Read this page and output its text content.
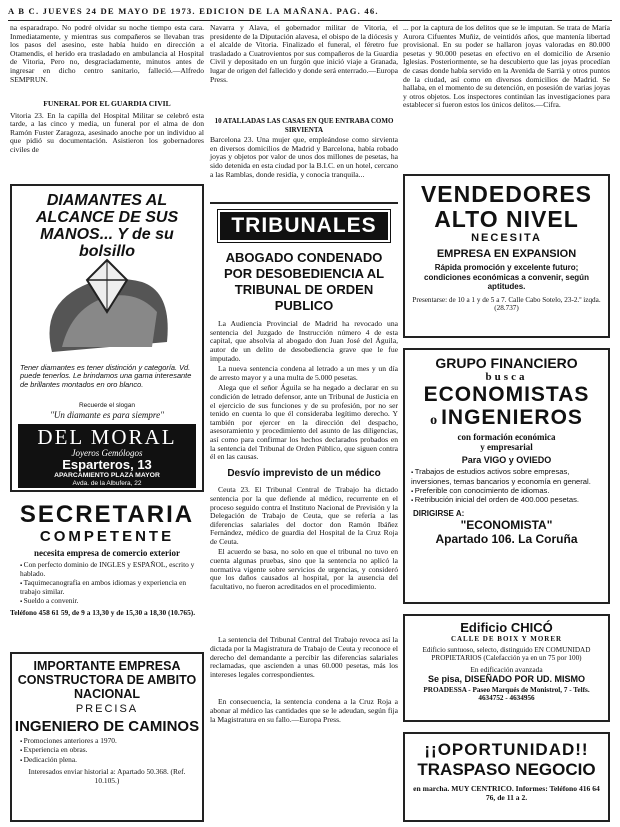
A B C. JUEVES 24 DE MAYO DE 1973. EDICION DE LA MAÑANA. PAG. 46.

na esparadrapo. No podré olvidar su noche tiempo esta cara. Inmediatamente, y mientras sus compañeros se llevaban tras los pasos del asesino, este había huido en dirección a Otamendis, el herido era trasladado en ambulancia al Hospital de Vitoria, Pero no, desgraciadamente, minutos antes de ingresar en dicho centro sanitario, falleció.—Alfredo SEMPRUN.

FUNERAL POR EL GUARDIA CIVIL

Vitoria 23. En la capilla del Hospital Militar se celebró esta tarde, a las cinco y media, un funeral por el alma de don Ramón Fuster Zaragoza, asesinado anoche por un individuo al que pidió su documentación. Asistieron los gobernadores civiles de

DIAMANTES AL ALCANCE DE SUS MANOS... Y de su bolsillo

Tener diamantes es tener distinción y categoría. Vd. puede tenerlos. Le brindamos una gama interesante de brillantes montados en oro blanco.

Recuerde el slogan
"Un diamante es para siempre"
DEL MORAL
Joyeros Gemólogos
Esparteros, 13
APARCAMIENTO PLAZA MAYOR
Avda. de la Albufera, 22
SECRETARIA
COMPETENTE
necesita empresa de comercio exterior
▪ Con perfecto dominio de INGLES y ESPAÑOL, escrito y hablado.
▪ Taquimecanografía en ambos idiomas y experiencia en trabajo similar.
▪ Sueldo a convenir.
Teléfono 458 61 59, de 9 a 13,30 y de 15,30 a 18,30 (10.765).
IMPORTANTE EMPRESA CONSTRUCTORA DE AMBITO NACIONAL
PRECISA
INGENIERO DE CAMINOS
▪ Promociones anteriores a 1970.
▪ Experiencia en obras.
▪ Dedicación plena.
Interesados enviar historial a: Apartado 50.368. (Ref. 10.105.)

Navarra y Alava, el gobernador militar de Vitoria, el presidente de la Diputación alavesa, el obispo de la diócesis y el alcalde de Vitoria. Finalizado el funeral, el féretro fue trasladado a Cuatrovientos por sus compañeros de la Guardia Civil y depositado en un furgón que inició viaje a Granada, lugar de origen del fallecido y donde será enterrado.—Europa Press.

10 ATALLADAS LAS CASAS EN QUE ENTRABA COMO SIRVIENTA

Barcelona 23. Una mujer que, empleándose como sirvienta en diversos domicilios de Madrid y Barcelona, había robado joyas y objetos por valor de unos dos millones de pesetas, ha sido detenida en esta ciudad por la B.I.C. en un hotel, cercano a las Ramblas, donde residía, y conocía tranquila...

TRIBUNALES
ABOGADO CONDENADO POR DESOBEDIENCIA AL TRIBUNAL DE ORDEN PUBLICO

La Audiencia Provincial de Madrid ha revocado una sentencia del Juzgado de Instrucción número 4 de esta capital, que absolvía al abogado don Juan José del Águila, autor de un delito de desobediencia grave que le fue imputado.

La nueva sentencia condena al letrado a un mes y un día de arresto mayor y a una multa de 5.000 pesetas.

Alega que el señor Águila se ha negado a declarar en su condición de letrado defensor, ante un Tribunal de Justicia en el ejercicio de sus funciones y de su profesión, por no ser tenido en cuenta lo que él consideraba legítimo derecho. Y también por ejercer en la dirección del despacho, asesoramiento y procedimiento del asunto de las diligencias, así como para confirmar los hechos declarados probados en la sentencia del Tribunal de Orden Público, que siguen contra él en las causas.

Desvío imprevisto de un médico

Ceuta 23. El Tribunal Central de Trabajo ha dictado sentencia por la que defiende al médico, recurrente en el proceso seguido contra el Instituto Nacional de Previsión y la Delegación de Trabajo de Ceuta, que se refería a las diferencias salariales del doctor don Ramón Ibáñez Fernández, médico de guardia del Hospital de la Cruz Roja de Ceuta.

El acuerdo se basa, no solo en que el tribunal no tuvo en cuenta algunas pruebas, sino que la sentencia no aplicó la normativa vigente sobre servicios de urgencias, y consideró que los daños causados al hospital, por la ausencia del facultativo, no fueron acreditados en el procedimiento.

La sentencia del Tribunal Central del Trabajo revoca así la dictada por la Magistratura de Trabajo de Ceuta y reconoce el derecho del demandante a percibir las diferencias salariales reclamadas, que ascienden a unas 60.000 pesetas, más los intereses legales correspondientes.

En consecuencia, la sentencia condena a la Cruz Roja a abonar al médico las cantidades que se le adeudan, según fija la Magistratura en su fallo.—Europa Press.

... por la captura de los delitos que se le imputan. Se trata de María Aurora Cifuentes Muñiz, de veintidós años, que mantenía libertad provisional. En su poder se hallaron joyas valoradas en 80.000 pesetas y 90.000 pesetas en efectivo en el domicilio de Arsenio Iglesias. Posteriormente, se ha descubierto que las joyas procedían de casas donde había servido en la Avenida de Sarrià y otros puntos de la ciudad, así como en diversos domicilios de Madrid. Se hallaba, en el momento de su detención, en posesión de varias joyas y otros objetos. Los inspectores continúan las investigaciones para establecer si fueron estos los únicos delitos.—Cifra.

VENDEDORES
ALTO NIVEL
NECESITA
EMPRESA EN EXPANSION
Rápida promoción y excelente futuro; condiciones económicas a convenir, según aptitudes.
Presentarse: de 10 a 1 y de 5 a 7. Calle Cabo Sotelo, 23-2.º izqda. (28.737)
GRUPO FINANCIERO
busca
ECONOMISTAS
o INGENIEROS
con formación económica
y empresarial
Para VIGO y OVIEDO
▪ Trabajos de estudios activos sobre empresas, inversiones, temas bancarios y economía en general.
▪ Preferible con conocimiento de idiomas.
▪ Retribución inicial del orden de 400.000 pesetas.
DIRIGIRSE A:
"ECONOMISTA"
Apartado 106. La Coruña
Edificio CHICÓ
CALLE DE BOIX Y MORER
Edificio suntuoso, selecto, distinguido EN COMUNIDAD PROPIETARIOS (Calefacción ya en un 75 por 100)
En edificación avanzada
Se pisa, DISEÑADO POR UD. MISMO
PROADESSA - Paseo Marqués de Monistrol, 7 - Telfs. 4634752 - 4634956
¡¡OPORTUNIDAD!!
TRASPASO NEGOCIO
en marcha. MUY CENTRICO. Informes: Teléfono 416 64 76, de 11 a 2.
